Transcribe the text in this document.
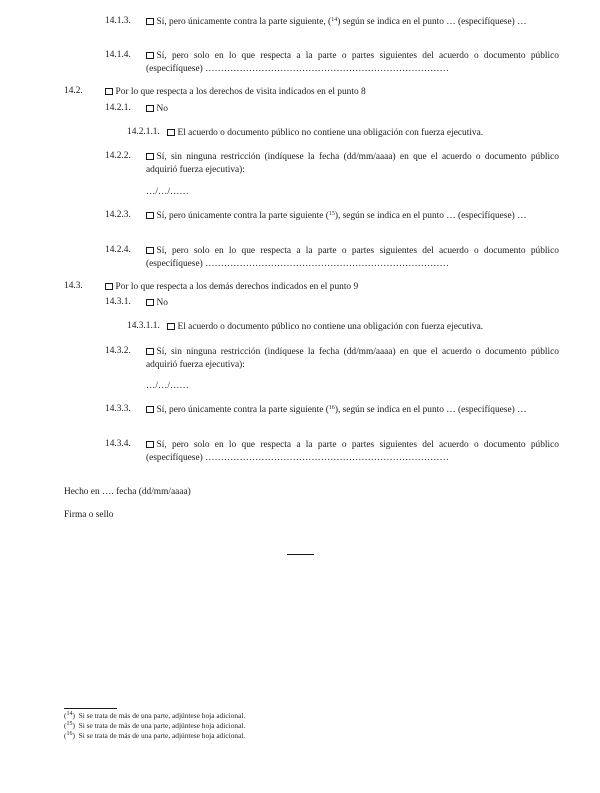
14.1.3.	Sí, pero únicamente contra la parte siguiente, ($^{14}$) según se indica en el punto … (especifíquese) …
14.1.4.	Sí, pero solo en lo que respecta a la parte o partes siguientes del acuerdo o documento público (especifíquese) ……………………………………………………………………
14.2.	Por lo que respecta a los derechos de visita indicados en el punto 8
14.2.1.	No
14.2.1.1.	El acuerdo o documento público no contiene una obligación con fuerza ejecutiva.
14.2.2.	Sí, sin ninguna restricción (indíquese la fecha (dd/mm/aaaa) en que el acuerdo o documento público adquirió fuerza ejecutiva):
…/…/……
14.2.3.	Sí, pero únicamente contra la parte siguiente ($^{15}$), según se indica en el punto … (especifíquese) …
14.2.4.	Sí, pero solo en lo que respecta a la parte o partes siguientes del acuerdo o documento público (especifíquese) ……………………………………………………………………
14.3.	Por lo que respecta a los demás derechos indicados en el punto 9
14.3.1.	No
14.3.1.1.	El acuerdo o documento público no contiene una obligación con fuerza ejecutiva.
14.3.2.	Sí, sin ninguna restricción (indíquese la fecha (dd/mm/aaaa) en que el acuerdo o documento público adquirió fuerza ejecutiva):
…/…/……
14.3.3.	Sí, pero únicamente contra la parte siguiente ($^{16}$), según se indica en el punto … (especifíquese) …
14.3.4.	Sí, pero solo en lo que respecta a la parte o partes siguientes del acuerdo o documento público (especifíquese) ……………………………………………………………………
Hecho en …. fecha (dd/mm/aaaa)
Firma o sello
($^{14}$)  Si se trata de más de una parte, adjúntese hoja adicional.
($^{15}$)  Si se trata de más de una parte, adjúntese hoja adicional.
($^{16}$)  Si se trata de más de una parte, adjúntese hoja adicional.
